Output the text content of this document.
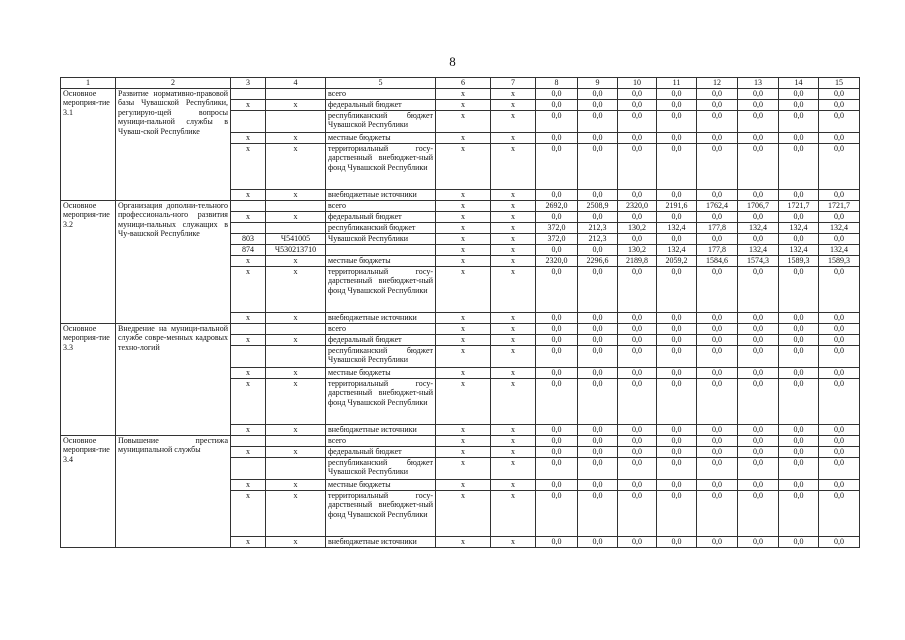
8
1	2	3	4	5	6	7	8	9	10	11	12	13	14	15
Основное мероприя-тие 3.1	Развитие нормативно-правовой базы Чувашской Республики, регулирую-щей вопросы муници-пальной службы в Чуваш-ской Республике			всего	x	x	0,0	0,0	0,0	0,0	0,0	0,0	0,0	0,0
		x	x	федеральный бюджет	x	x	0,0	0,0	0,0	0,0	0,0	0,0	0,0	0,0
				республиканский бюджет Чувашской Республики	x	x	0,0	0,0	0,0	0,0	0,0	0,0	0,0	0,0
		x	x	местные бюджеты	x	x	0,0	0,0	0,0	0,0	0,0	0,0	0,0	0,0
		x	x	территориальный госу-дарственный внебюджет-ный фонд Чувашской Республики	x	x	0,0	0,0	0,0	0,0	0,0	0,0	0,0	0,0
		x	x	внебюджетные источники	x	x	0,0	0,0	0,0	0,0	0,0	0,0	0,0	0,0
Основное мероприя-тие 3.2	Организация дополни-тельного профессиональ-ного развития муници-пальных служащих в Чу-вашской Республике			всего	x	x	2692,0	2508,9	2320,0	2191,6	1762,4	1706,7	1721,7	1721,7
		x	x	федеральный бюджет	x	x	0,0	0,0	0,0	0,0	0,0	0,0	0,0	0,0
				республиканский бюджет	x	x	372,0	212,3	130,2	132,4	177,8	132,4	132,4	132,4
		803	Ч541005	Чувашской Республики	x	x	372,0	212,3	0,0	0,0	0,0	0,0	0,0	0,0
		874	Ч530213710		x	x	0,0	0,0	130,2	132,4	177,8	132,4	132,4	132,4
		x	x	местные бюджеты	x	x	2320,0	2296,6	2189,8	2059,2	1584,6	1574,3	1589,3	1589,3
		x	x	территориальный госу-дарственный внебюджет-ный фонд Чувашской Республики	x	x	0,0	0,0	0,0	0,0	0,0	0,0	0,0	0,0
		x	x	внебюджетные источники	x	x	0,0	0,0	0,0	0,0	0,0	0,0	0,0	0,0
Основное мероприя-тие 3.3	Внедрение на муници-пальной службе совре-менных кадровых техно-логий			всего	x	x	0,0	0,0	0,0	0,0	0,0	0,0	0,0	0,0
		x	x	федеральный бюджет	x	x	0,0	0,0	0,0	0,0	0,0	0,0	0,0	0,0
				республиканский бюджет Чувашской Республики	x	x	0,0	0,0	0,0	0,0	0,0	0,0	0,0	0,0
		x	x	местные бюджеты	x	x	0,0	0,0	0,0	0,0	0,0	0,0	0,0	0,0
		x	x	территориальный госу-дарственный внебюджет-ный фонд Чувашской Республики	x	x	0,0	0,0	0,0	0,0	0,0	0,0	0,0	0,0
		x	x	внебюджетные источники	x	x	0,0	0,0	0,0	0,0	0,0	0,0	0,0	0,0
Основное мероприя-тие 3.4	Повышение престижа муниципальной службы			всего	x	x	0,0	0,0	0,0	0,0	0,0	0,0	0,0	0,0
		x	x	федеральный бюджет	x	x	0,0	0,0	0,0	0,0	0,0	0,0	0,0	0,0
				республиканский бюджет Чувашской Республики	x	x	0,0	0,0	0,0	0,0	0,0	0,0	0,0	0,0
		x	x	местные бюджеты	x	x	0,0	0,0	0,0	0,0	0,0	0,0	0,0	0,0
		x	x	территориальный госу-дарственный внебюджет-ный фонд Чувашской Республики	x	x	0,0	0,0	0,0	0,0	0,0	0,0	0,0	0,0
		x	x	внебюджетные источники	x	x	0,0	0,0	0,0	0,0	0,0	0,0	0,0	0,0
